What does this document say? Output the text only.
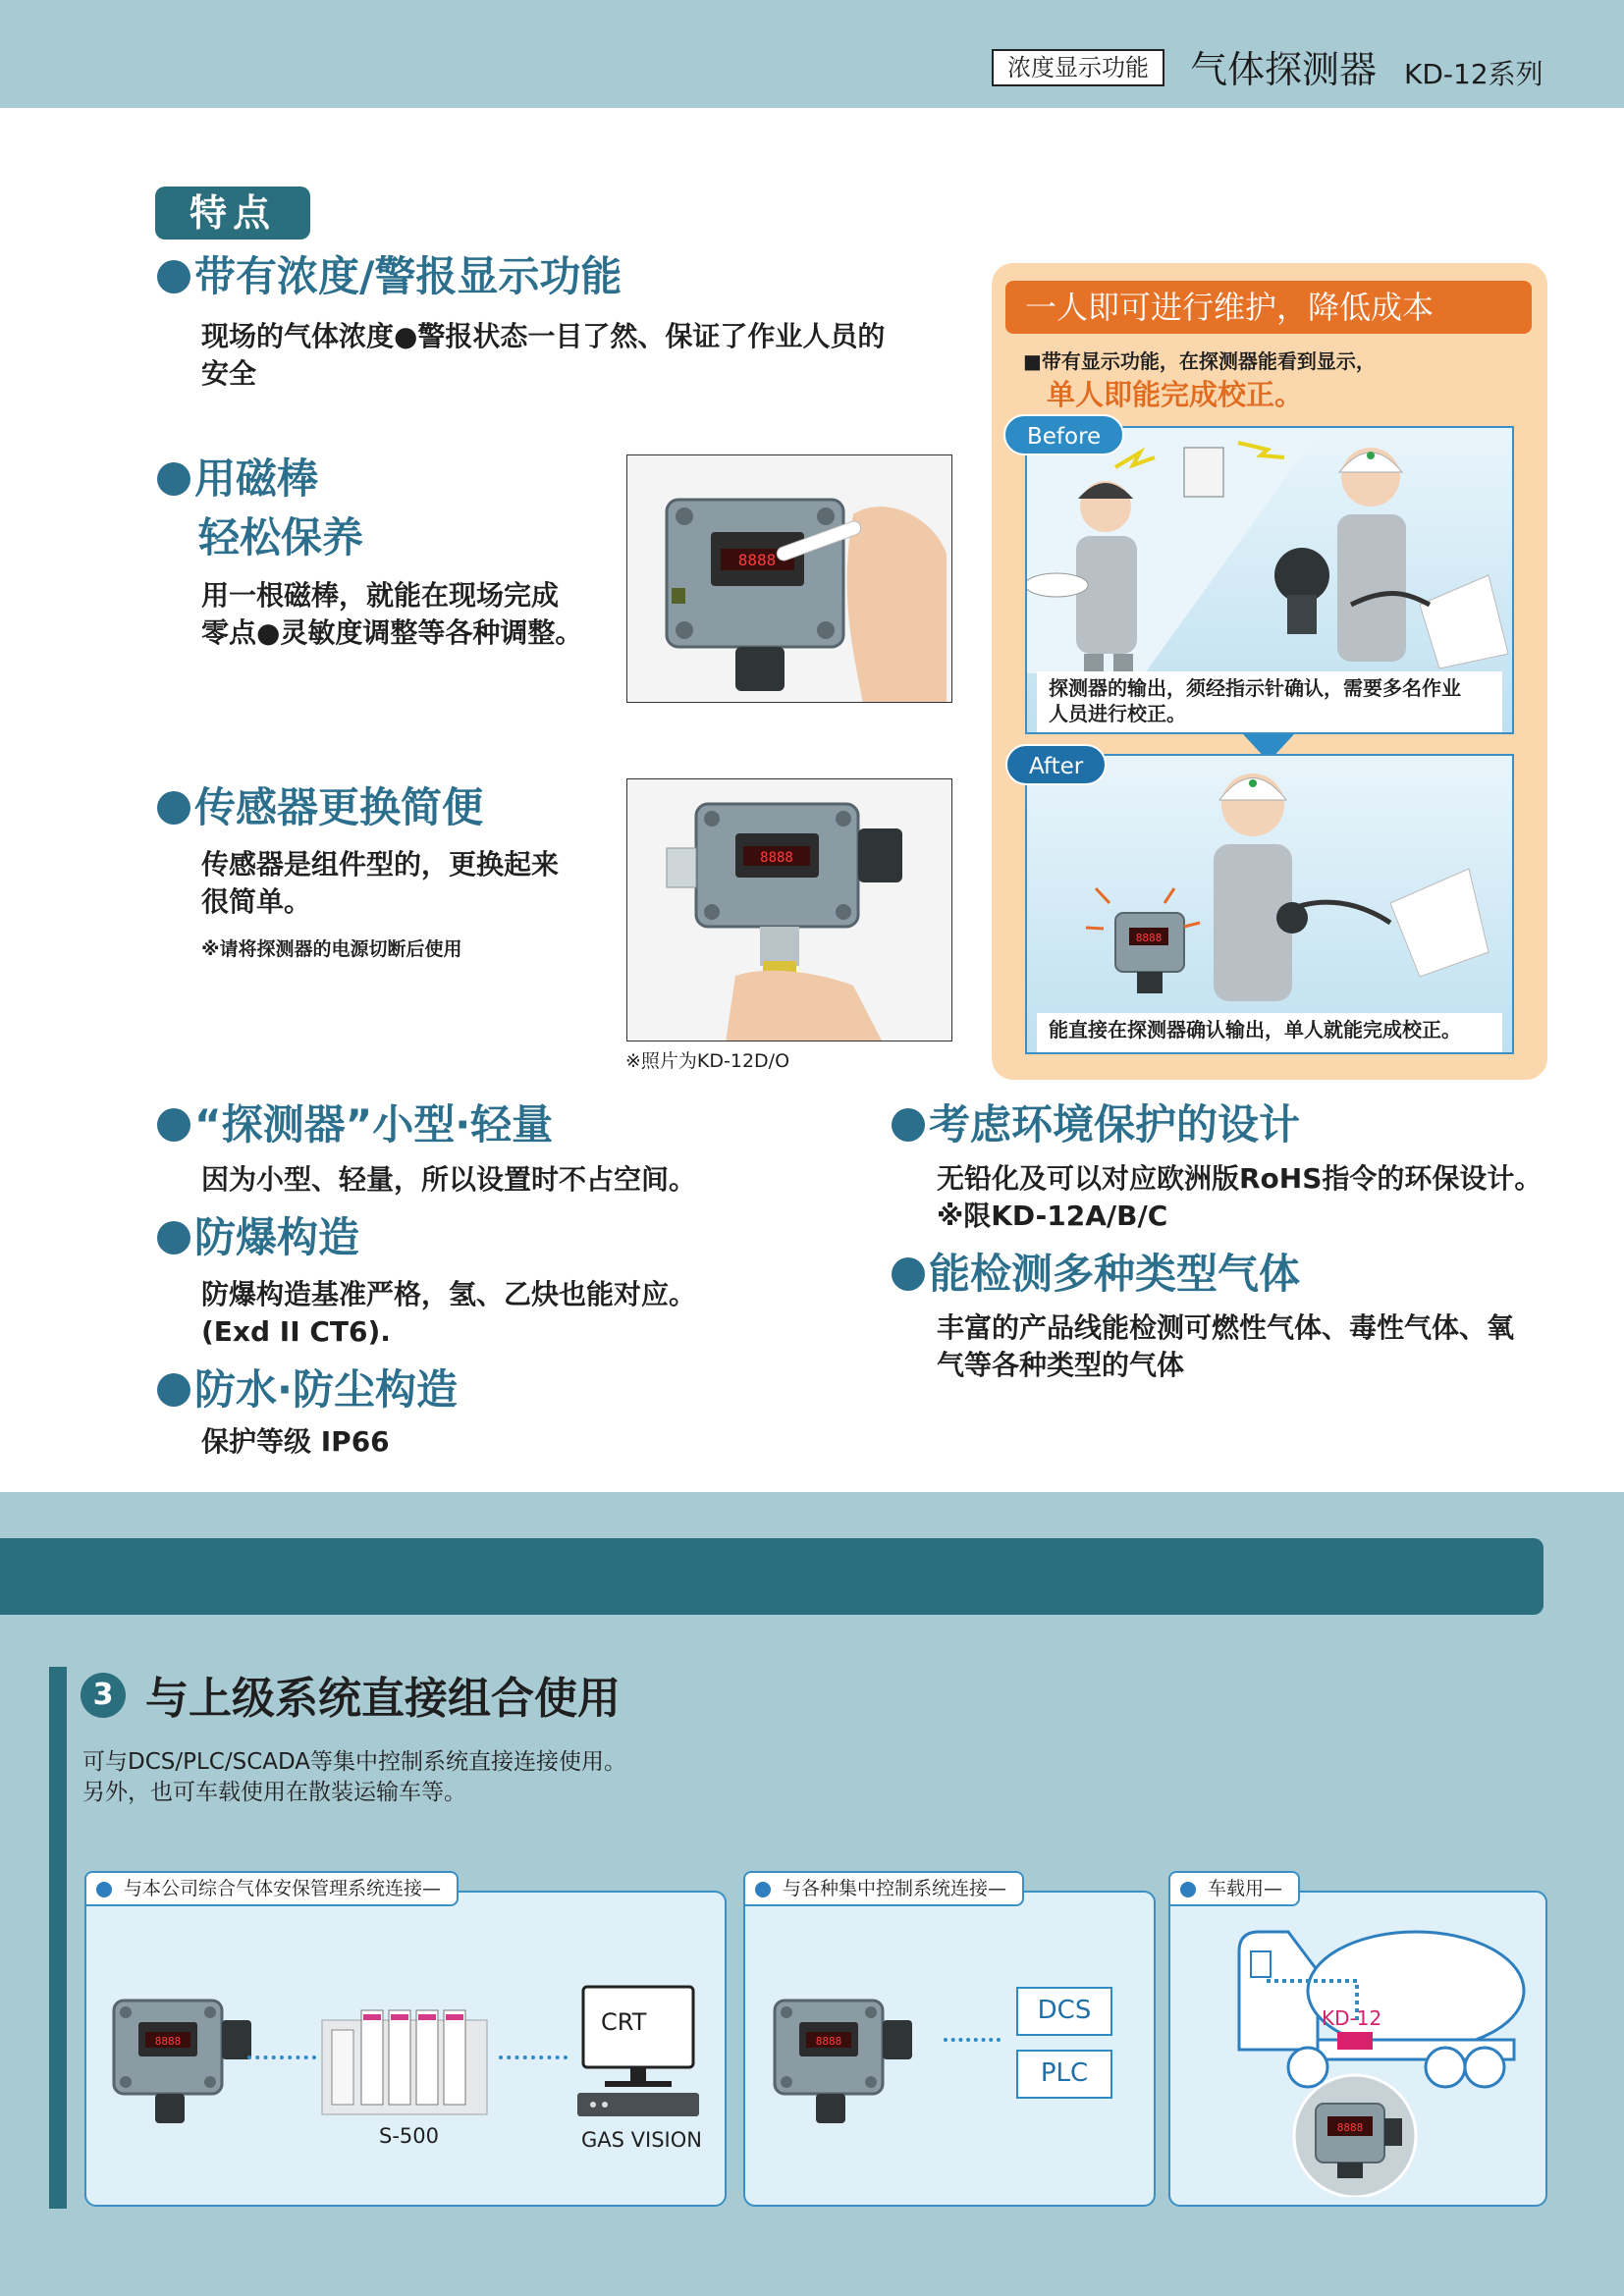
浓度显示功能	气体探测器 KD-12系列
特点
带有浓度/警报显示功能
现场的气体浓度●警报状态一目了然、保证了作业人员的
安全
用磁棒
轻松保养
用一根磁棒，就能在现场完成
零点●灵敏度调整等各种调整。
8888
传感器更换简便
传感器是组件型的，更换起来
很简单。
※请将探测器的电源切断后使用
8888
※照片为KD-12D/O
“探测器”小型·轻量
因为小型、轻量，所以设置时不占空间。
防爆构造
防爆构造基准严格，氢、乙炔也能对应。
(Exd II CT6).
防水·防尘构造
保护等级 IP66
考虑环境保护的设计
无铅化及可以对应欧洲版RoHS指令的环保设计。
※限KD-12A/B/C
能检测多种类型气体
丰富的产品线能检测可燃性气体、毒性气体、氧
气等各种类型的气体
一人即可进行维护，降低成本
■带有显示功能，在探测器能看到显示，
单人即能完成校正。
探测器的输出，须经指示针确认，需要多名作业
人员进行校正。
Before
8888
能直接在探测器确认输出，单人就能完成校正。
After
3 与上级系统直接组合使用
可与DCS/PLC/SCADA等集中控制系统直接连接使用。
另外，也可车载使用在散装运输车等。
8888
S-500
CRT
GAS VISION
与本公司综合气体安保管理系统连接—
8888
DCS
PLC
与各种集中控制系统连接—
8888
KD-12
车载用—
